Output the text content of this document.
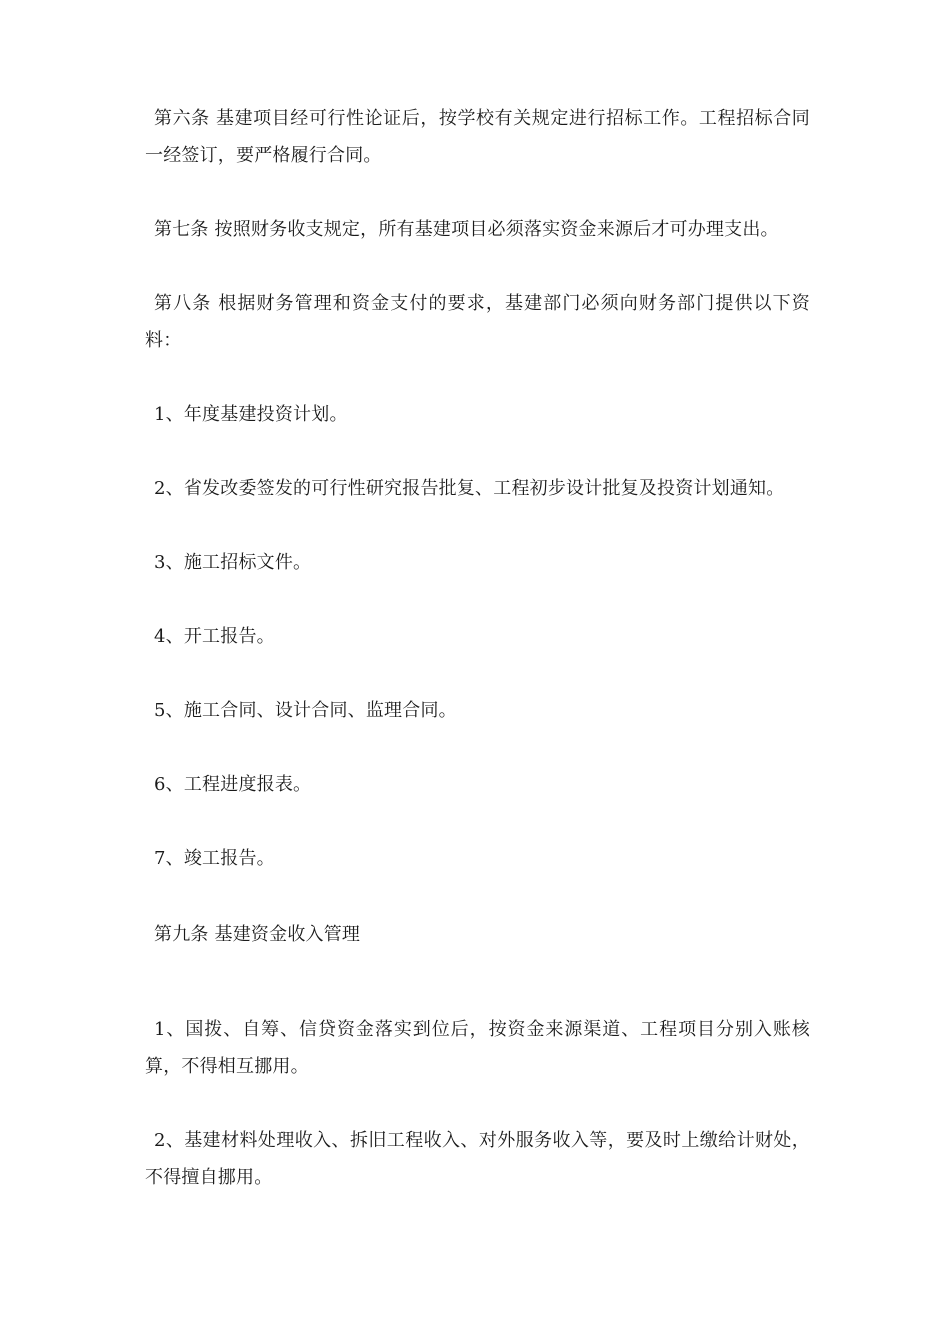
第六条 基建项目经可行性论证后，按学校有关规定进行招标工作。工程招标合同一经签订，要严格履行合同。

第七条 按照财务收支规定，所有基建项目必须落实资金来源后才可办理支出。

第八条 根据财务管理和资金支付的要求，基建部门必须向财务部门提供以下资料：

1、年度基建投资计划。

2、省发改委签发的可行性研究报告批复、工程初步设计批复及投资计划通知。

3、施工招标文件。

4、开工报告。

5、施工合同、设计合同、监理合同。

6、工程进度报表。

7、竣工报告。

第九条 基建资金收入管理

1、国拨、自筹、信贷资金落实到位后，按资金来源渠道、工程项目分别入账核算，不得相互挪用。

2、基建材料处理收入、拆旧工程收入、对外服务收入等，要及时上缴给计财处，不得擅自挪用。
